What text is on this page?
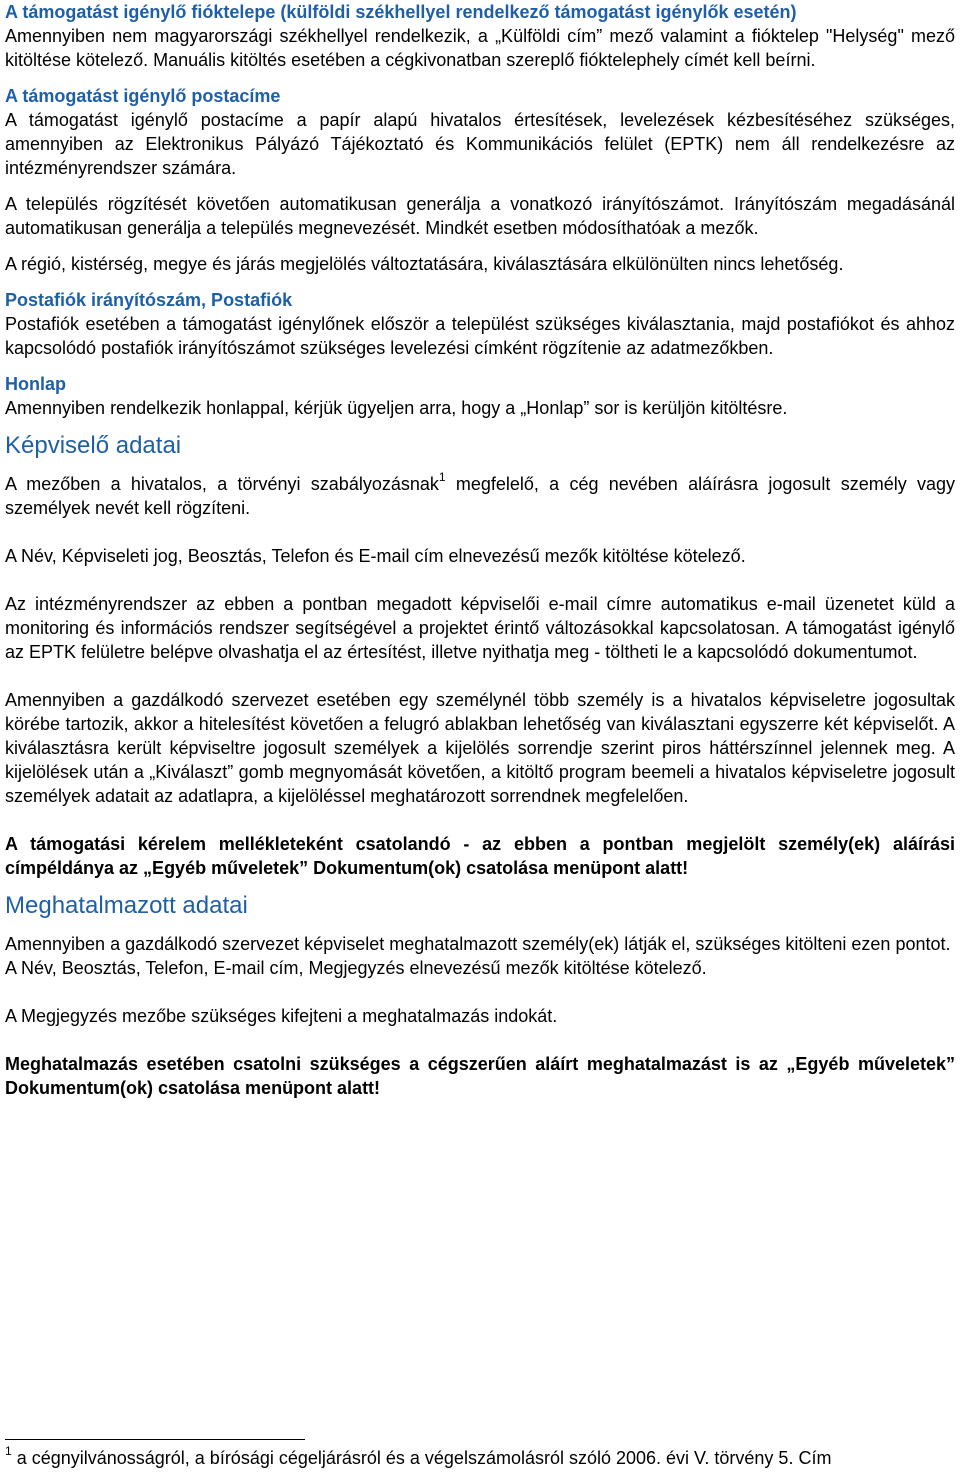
A támogatást igénylő fióktelepe (külföldi székhellyel rendelkező támogatást igénylők esetén)

Amennyiben nem magyarországi székhellyel rendelkezik, a „Külföldi cím” mező valamint a fióktelep "Helység" mező kitöltése kötelező. Manuális kitöltés esetében a cégkivonatban szereplő fióktelephely címét kell beírni.

A támogatást igénylő postacíme

A támogatást igénylő postacíme a papír alapú hivatalos értesítések, levelezések kézbesítéséhez szükséges, amennyiben az Elektronikus Pályázó Tájékoztató és Kommunikációs felület (EPTK) nem áll rendelkezésre az intézményrendszer számára.

A település rögzítését követően automatikusan generálja a vonatkozó irányítószámot. Irányítószám megadásánál automatikusan generálja a település megnevezését. Mindkét esetben módosíthatóak a mezők.

A régió, kistérség, megye és járás megjelölés változtatására, kiválasztására elkülönülten nincs lehetőség.

Postafiók irányítószám, Postafiók

Postafiók esetében a támogatást igénylőnek először a települést szükséges kiválasztania, majd postafiókot és ahhoz kapcsolódó postafiók irányítószámot szükséges levelezési címként rögzítenie az adatmezőkben.

Honlap

Amennyiben rendelkezik honlappal, kérjük ügyeljen arra, hogy a „Honlap” sor is kerüljön kitöltésre.

Képviselő adatai

A mezőben a hivatalos, a törvényi szabályozásnak$^1$ megfelelő, a cég nevében aláírásra jogosult személy vagy személyek nevét kell rögzíteni.

A Név, Képviseleti jog, Beosztás, Telefon és E-mail cím elnevezésű mezők kitöltése kötelező.

Az intézményrendszer az ebben a pontban megadott képviselői e-mail címre automatikus e-mail üzenetet küld a monitoring és információs rendszer segítségével a projektet érintő változásokkal kapcsolatosan. A támogatást igénylő az EPTK felületre belépve olvashatja el az értesítést, illetve nyithatja meg - töltheti le a kapcsolódó dokumentumot.

Amennyiben a gazdálkodó szervezet esetében egy személynél több személy is a hivatalos képviseletre jogosultak körébe tartozik, akkor a hitelesítést követően a felugró ablakban lehetőség van kiválasztani egyszerre két képviselőt. A kiválasztásra került képviseltre jogosult személyek a kijelölés sorrendje szerint piros háttérszínnel jelennek meg. A kijelölések után a „Kiválaszt” gomb megnyomását követően, a kitöltő program beemeli a hivatalos képviseletre jogosult személyek adatait az adatlapra, a kijelöléssel meghatározott sorrendnek megfelelően.

A támogatási kérelem mellékleteként csatolandó - az ebben a pontban megjelölt személy(ek) aláírási címpéldánya az „Egyéb műveletek” Dokumentum(ok) csatolása menüpont alatt!

Meghatalmazott adatai

Amennyiben a gazdálkodó szervezet képviselet meghatalmazott személy(ek) látják el, szükséges kitölteni ezen pontot.

A Név, Beosztás, Telefon, E-mail cím, Megjegyzés elnevezésű mezők kitöltése kötelező.

A Megjegyzés mezőbe szükséges kifejteni a meghatalmazás indokát.

Meghatalmazás esetében csatolni szükséges a cégszerűen aláírt meghatalmazást is az „Egyéb műveletek” Dokumentum(ok) csatolása menüpont alatt!

$^1$ a cégnyilvánosságról, a bírósági cégeljárásról és a végelszámolásról szóló 2006. évi V. törvény 5. Cím
